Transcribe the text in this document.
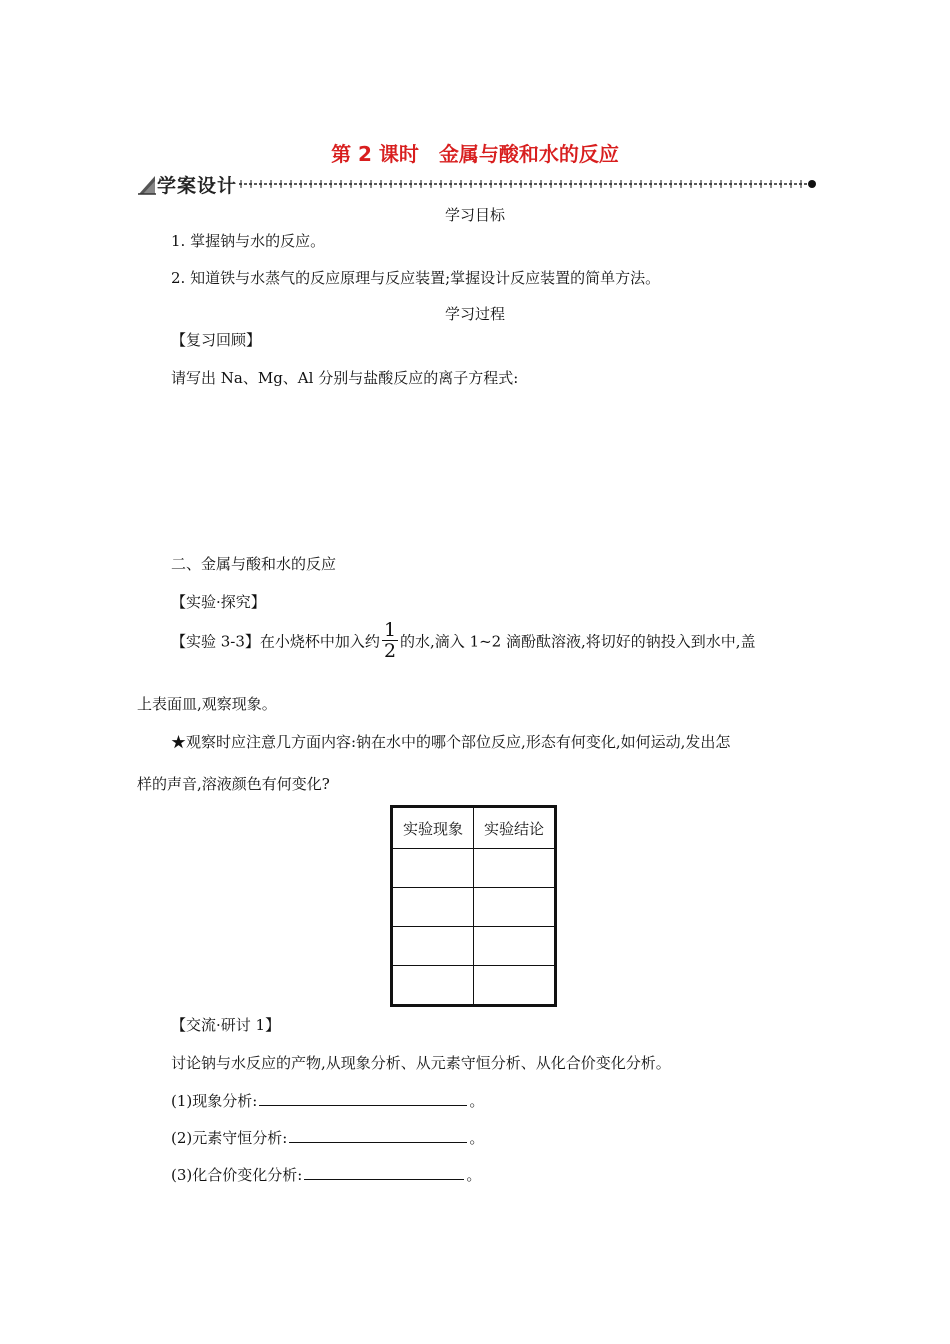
第 2 课时　金属与酸和水的反应
学案设计
学习目标
1. 掌握钠与水的反应。
2. 知道铁与水蒸气的反应原理与反应装置;掌握设计反应装置的简单方法。
学习过程
【复习回顾】
请写出 Na、Mg、Al 分别与盐酸反应的离子方程式:
二、金属与酸和水的反应
【实验·探究】
【实验 3-3】在小烧杯中加入约 $\frac{1}{2}$ 的水,滴入 1~2 滴酚酞溶液,将切好的钠投入到水中,盖
上表面皿,观察现象。
★观察时应注意几方面内容:钠在水中的哪个部位反应,形态有何变化,如何运动,发出怎
样的声音,溶液颜色有何变化?
实验现象	实验结论

【交流·研讨 1】
讨论钠与水反应的产物,从现象分析、从元素守恒分析、从化合价变化分析。
(1)现象分析:	。
(2)元素守恒分析:	。
(3)化合价变化分析:	。
